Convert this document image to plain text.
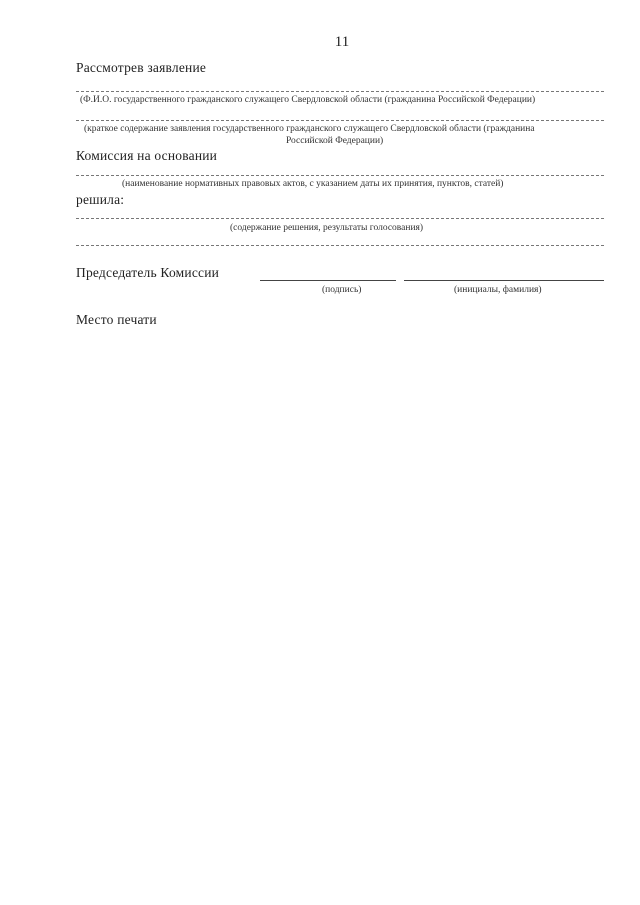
11
Рассмотрев заявление
(Ф.И.О. государственного гражданского служащего Свердловской области (гражданина Российской Федерации)
(краткое содержание заявления государственного гражданского служащего Свердловской области (гражданина
Российской Федерации)
Комиссия на основании
(наименование нормативных правовых актов, с указанием даты их принятия, пунктов, статей)
решила:
(содержание решения, результаты голосования)
Председатель Комиссии
(подпись)	(инициалы, фамилия)
Место печати
